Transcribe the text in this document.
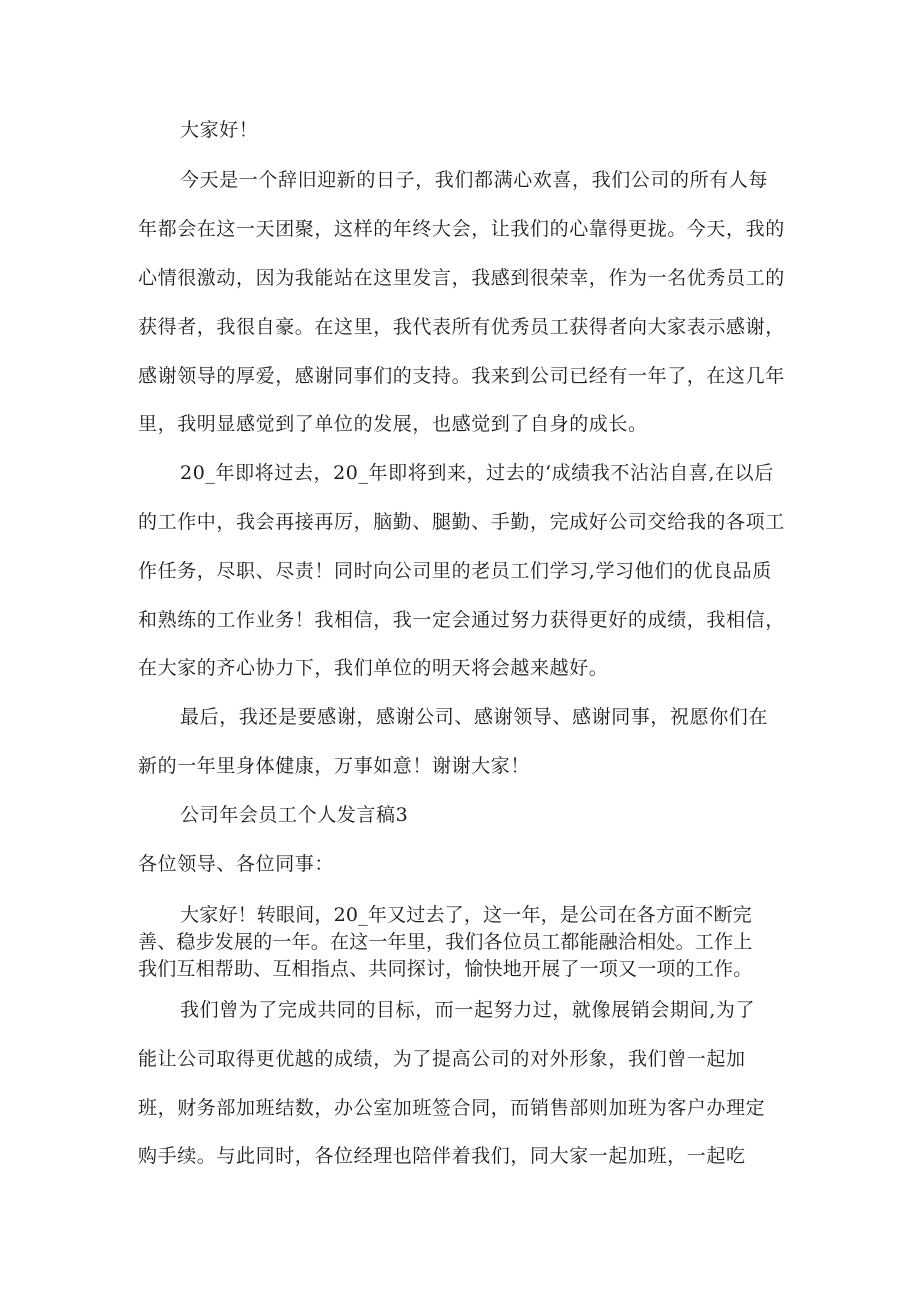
大家好！
今天是一个辞旧迎新的日子，我们都满心欢喜，我们公司的所有人每
年都会在这一天团聚，这样的年终大会，让我们的心靠得更拢。今天，我的
心情很激动，因为我能站在这里发言，我感到很荣幸，作为一名优秀员工的
获得者，我很自豪。在这里，我代表所有优秀员工获得者向大家表示感谢，
感谢领导的厚爱，感谢同事们的支持。我来到公司已经有一年了，在这几年
里，我明显感觉到了单位的发展，也感觉到了自身的成长。
20_年即将过去，20_年即将到来，过去的‘成绩我不沾沾自喜,在以后
的工作中，我会再接再厉，脑勤、腿勤、手勤，完成好公司交给我的各项工
作任务，尽职、尽责！同时向公司里的老员工们学习,学习他们的优良品质
和熟练的工作业务！我相信，我一定会通过努力获得更好的成绩，我相信，
在大家的齐心协力下，我们单位的明天将会越来越好。
最后，我还是要感谢，感谢公司、感谢领导、感谢同事，祝愿你们在
新的一年里身体健康，万事如意！谢谢大家！
公司年会员工个人发言稿3
各位领导、各位同事：
大家好！转眼间，20_年又过去了，这一年，是公司在各方面不断完
善、稳步发展的一年。在这一年里，我们各位员工都能融洽相处。工作上
我们互相帮助、互相指点、共同探讨，愉快地开展了一项又一项的工作。
我们曾为了完成共同的目标，而一起努力过，就像展销会期间,为了
能让公司取得更优越的成绩，为了提高公司的对外形象，我们曾一起加
班，财务部加班结数，办公室加班签合同，而销售部则加班为客户办理定
购手续。与此同时，各位经理也陪伴着我们，同大家一起加班，一起吃
